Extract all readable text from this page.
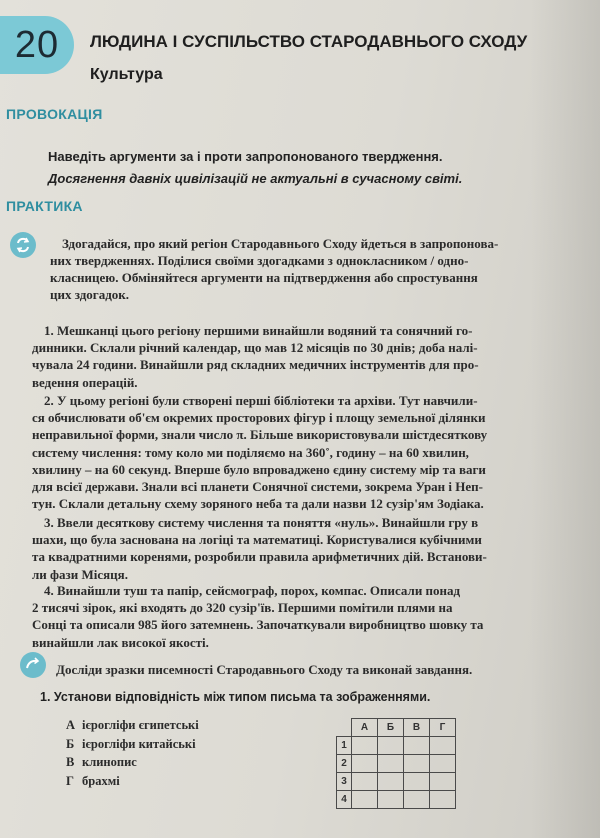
20 ЛЮДИНА І СУСПІЛЬСТВО СТАРОДАВНЬОГО СХОДУ
Культура
ПРОВОКАЦІЯ
Наведіть аргументи за і проти запропонованого твердження.
Досягнення давніх цивілізацій не актуальні в сучасному світі.
ПРАКТИКА
Здогадайся, про який регіон Стародавнього Сходу йдеться в запропонова-
них твердженнях. Поділися своїми здогадками з однокласником / одно-
класницею. Обміняйтеся аргументи на підтвердження або спростування
цих здогадок.
1. Мешканці цього регіону першими винайшли водяний та сонячний го-
динники. Склали річний календар, що мав 12 місяців по 30 днів; доба налі-
чувала 24 години. Винайшли ряд складних медичних інструментів для про-
ведення операцій.
2. У цьому регіоні були створені перші бібліотеки та архіви. Тут навчили-
ся обчислювати об'єм окремих просторових фігур і площу земельної ділянки
неправильної форми, знали число π. Більше використовували шістдесяткову
систему числення: тому коло ми поділяємо на 360˚, годину – на 60 хвилин,
хвилину – на 60 секунд. Вперше було впроваджено єдину систему мір та ваги
для всієї держави. Знали всі планети Сонячної системи, зокрема Уран і Неп-
тун. Склали детальну схему зоряного неба та дали назви 12 сузір'ям Зодіака.
3. Ввели десяткову систему числення та поняття «нуль». Винайшли гру в
шахи, що була заснована на логіці та математиці. Користувалися кубічними
та квадратними коренями, розробили правила арифметичних дій. Встанови-
ли фази Місяця.
4. Винайшли туш та папір, сейсмограф, порох, компас. Описали понад
2 тисячі зірок, які входять до 320 сузір'їв. Першими помітили плями на
Сонці та описали 985 його затемнень. Започаткували виробництво шовку та
винайшли лак високої якості.
Досліди зразки писемності Стародавнього Сходу та виконай завдання.
1. Установи відповідність між типом письма та зображеннями.
А ієрогліфи єгипетські
Б ієрогліфи китайські
В клинопис
Г брахмі
	А	Б	В	Г
1				
2				
3				
4				
